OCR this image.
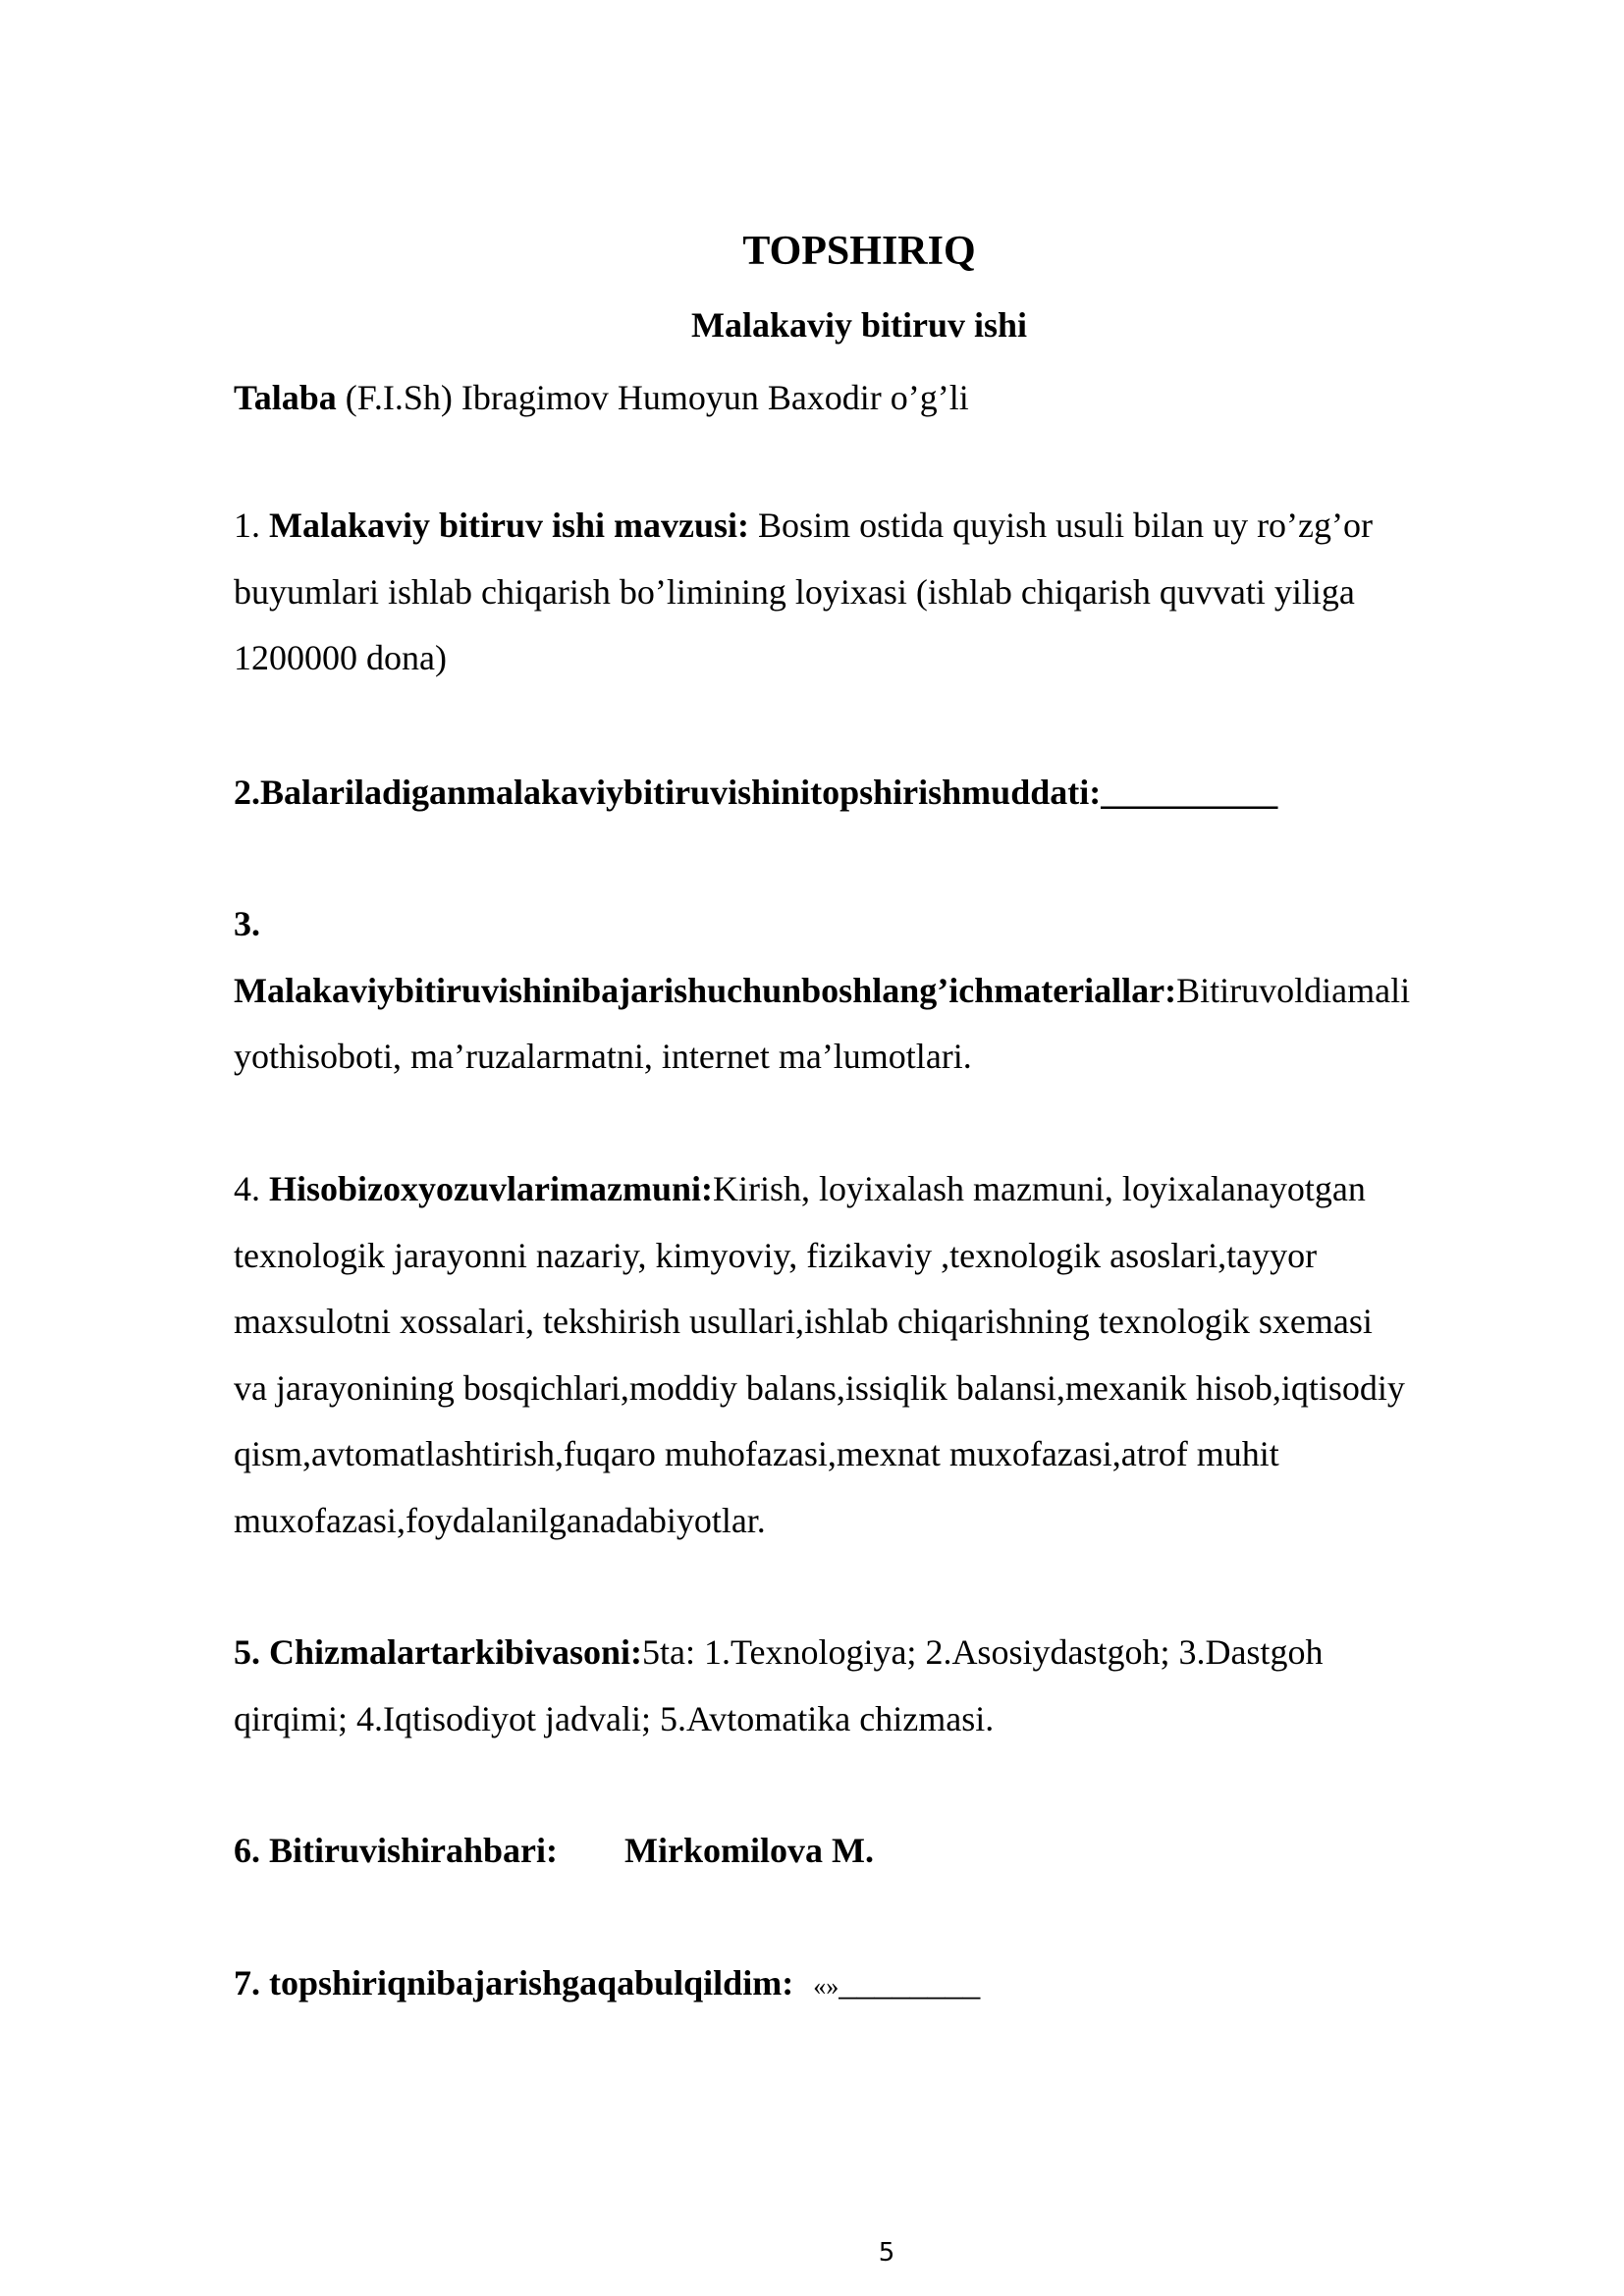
TOPSHIRIQ
Malakaviy bitiruv ishi
Talaba (F.I.Sh) Ibragimov Humoyun Baxodir o’g’li
1. Malakaviy bitiruv ishi mavzusi: Bosim ostida quyish usuli bilan uy ro’zg’or
buyumlari ishlab chiqarish bo’limining loyixasi (ishlab chiqarish quvvati yiliga
1200000 dona)
2.Balariladiganmalakaviybitiruvishinitopshirishmuddati:__________
3.
Malakaviybitiruvishinibajarishuchunboshlang’ichmateriallar:Bitiruvoldiamali
yothisoboti, ma’ruzalarmatni, internet ma’lumotlari.
4. Hisobizoxyozuvlarimazmuni:Kirish, loyixalash mazmuni, loyixalanayotgan
texnologik jarayonni nazariy, kimyoviy, fizikaviy ,texnologik asoslari,tayyor
maxsulotni xossalari, tekshirish usullari,ishlab chiqarishning texnologik sxemasi
va jarayonining bosqichlari,moddiy balans,issiqlik balansi,mexanik hisob,iqtisodiy
qism,avtomatlashtirish,fuqaro muhofazasi,mexnat muxofazasi,atrof muhit
muxofazasi,foydalanilganadabiyotlar.
5. Chizmalartarkibivasoni:5ta: 1.Texnologiya; 2.Asosiydastgoh; 3.Dastgoh
qirqimi; 4.Iqtisodiyot jadvali; 5.Avtomatika chizmasi.
6. Bitiruvishirahbari: Mirkomilova M.
7. topshiriqnibajarishgaqabulqildim: «»________
5
